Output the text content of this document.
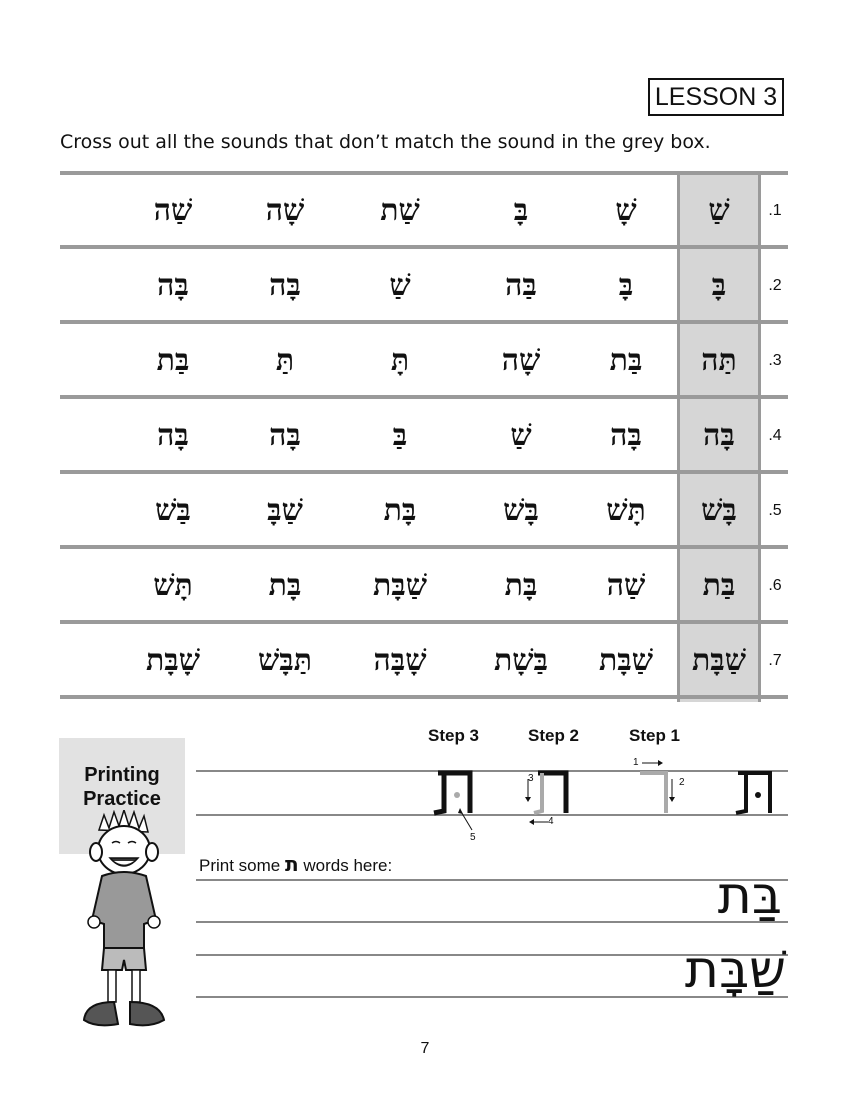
LESSON 3
Cross out all the sounds that don’t match the sound in the grey box.
.1
שַׁ
שָׁ
בָּ
שַׁת
שָׁה
שַׁה
.2
בָּ
בָּ
בַּה
שַׁ
בָּה
בָּה
.3
תַּה
בַּת
שָׁה
תָּ
תַּ
בַּת
.4
בָּה
בָּה
שַׁ
בַּ
בָּה
בָּה
.5
בָּשׁ
תָּשׁ
בָּשׁ
בָּת
שַׁבָּ
בַּשׁ
.6
בַּת
שַׁה
בָּת
שַׁבָּת
בָּת
תָּשׁ
.7
שַׁבָּת
שַׁבָּת
בַּשָׁת
שָׁבָּה
תַּבָּשׁ
שָׁבָּת
Printing
Practice
Step 3	Step 2	Step 1
3
4
5
1
2
Print some ת words here:
בַּת
שַׁבָּת
7
